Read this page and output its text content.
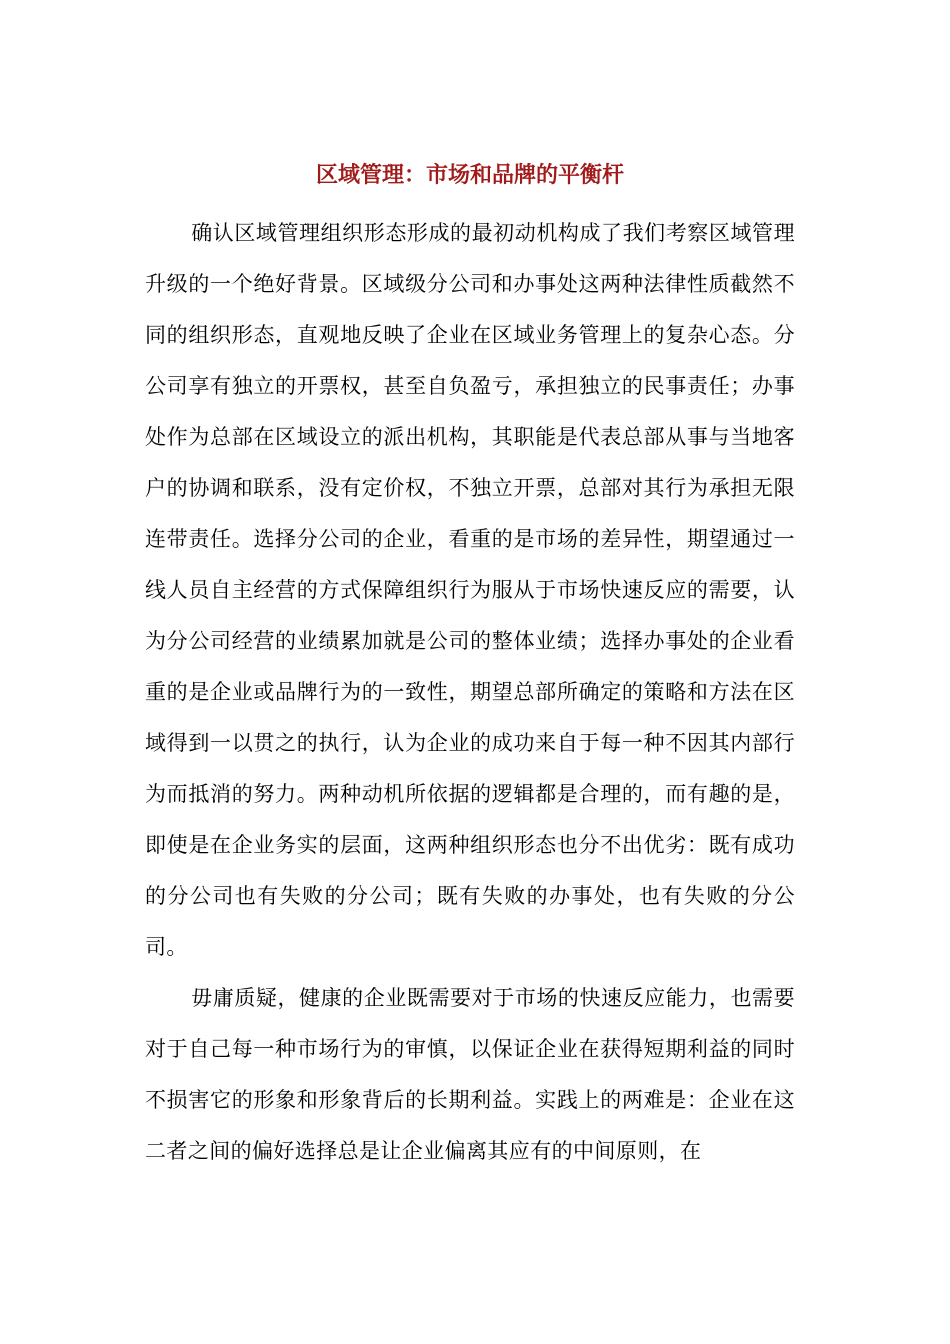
区域管理：市场和品牌的平衡杆

确认区域管理组织形态形成的最初动机构成了我们考察区域管理升级的一个绝好背景。区域级分公司和办事处这两种法律性质截然不同的组织形态，直观地反映了企业在区域业务管理上的复杂心态。分公司享有独立的开票权，甚至自负盈亏，承担独立的民事责任；办事处作为总部在区域设立的派出机构，其职能是代表总部从事与当地客户的协调和联系，没有定价权，不独立开票，总部对其行为承担无限连带责任。选择分公司的企业，看重的是市场的差异性，期望通过一线人员自主经营的方式保障组织行为服从于市场快速反应的需要，认为分公司经营的业绩累加就是公司的整体业绩；选择办事处的企业看重的是企业或品牌行为的一致性，期望总部所确定的策略和方法在区域得到一以贯之的执行，认为企业的成功来自于每一种不因其内部行为而抵消的努力。两种动机所依据的逻辑都是合理的，而有趣的是，即使是在企业务实的层面，这两种组织形态也分不出优劣：既有成功的分公司也有失败的分公司；既有失败的办事处，也有失败的分公司。

毋庸质疑，健康的企业既需要对于市场的快速反应能力，也需要对于自己每一种市场行为的审慎，以保证企业在获得短期利益的同时不损害它的形象和形象背后的长期利益。实践上的两难是：企业在这二者之间的偏好选择总是让企业偏离其应有的中间原则，在
